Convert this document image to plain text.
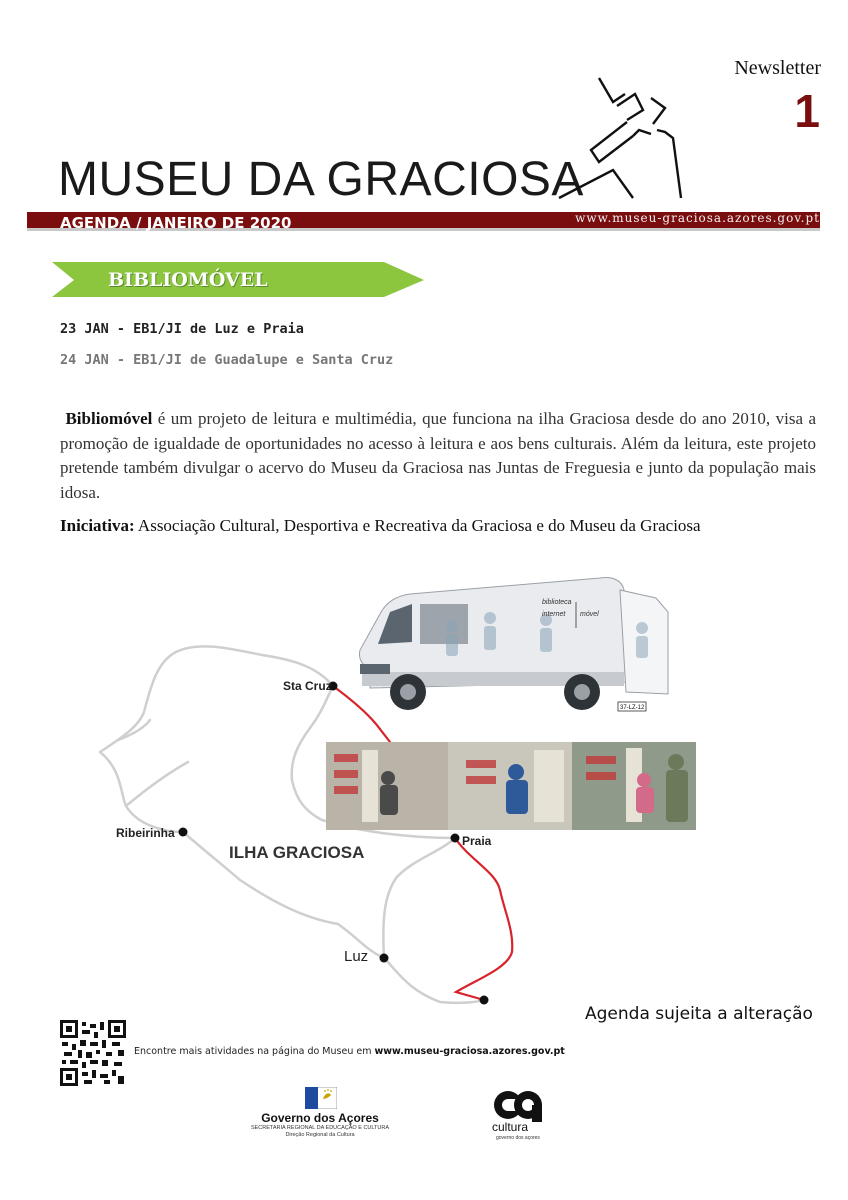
Newsletter
1
MUSEU DA GRACIOSA
AGENDA / JANEIRO DE 2020	www.museu-graciosa.azores.gov.pt
BIBLIOMÓVEL
23 JAN - EB1/JI de Luz e Praia
24 JAN - EB1/JI de Guadalupe e Santa Cruz
Bibliomóvel é um projeto de leitura e multimédia, que funciona na ilha Graciosa desde do ano 2010, visa a promoção de igualdade de oportunidades no acesso à leitura e aos bens culturais. Além da leitura, este projeto pretende também divulgar o acervo do Museu da Graciosa nas Juntas de Freguesia e junto da população mais idosa.
Iniciativa: Associação Cultural, Desportiva e Recreativa da Graciosa e do Museu da Graciosa
Sta Cruz
Ribeirinha
Praia
Luz
ILHA GRACIOSA
biblioteca
internet móvel
37-LZ-12
Agenda sujeita a alteração
Encontre mais atividades na página do Museu em www.museu-graciosa.azores.gov.pt
Governo dos Açores
SECRETARIA REGIONAL DA EDUCAÇÃO E CULTURA
Direção Regional da Cultura
cultura
governo dos açores
